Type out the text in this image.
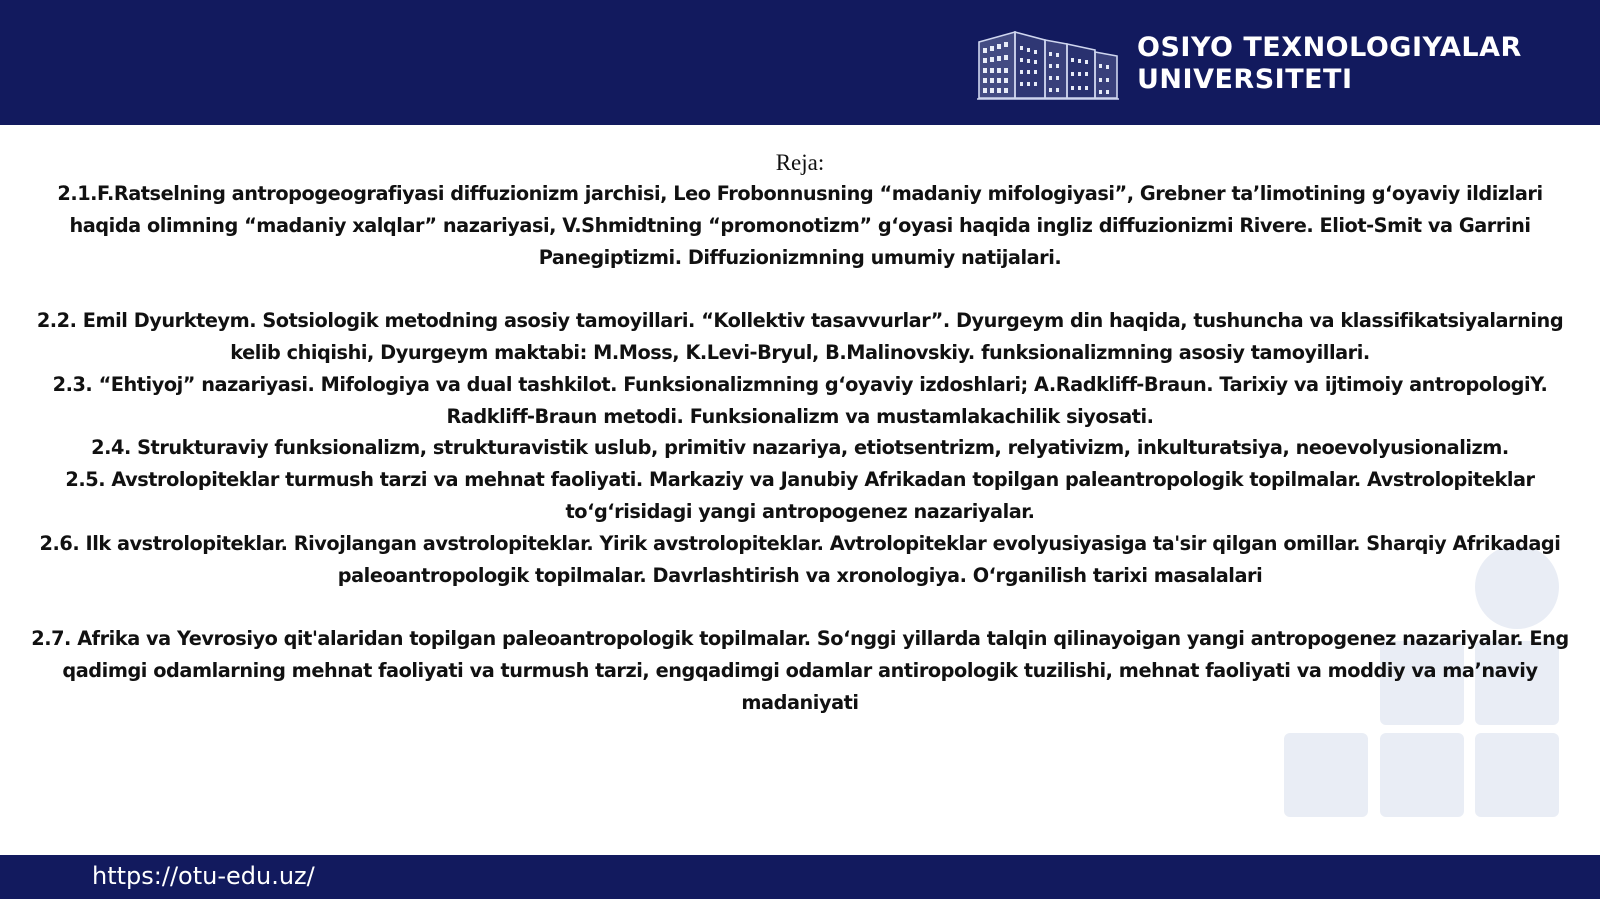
OSIYO TEXNOLOGIYALAR
UNIVERSITETI

Reja:

2.1.F.Ratselning antropogeografiyasi diffuzionizm jarchisi, Leo Frobonnusning “madaniy mifologiyasi”, Grebner ta’limotining g‘oyaviy ildizlari haqida olimning “madaniy xalqlar” nazariyasi, V.Shmidtning “promonotizm” g‘oyasi haqida ingliz diffuzionizmi Rivere. Eliot-Smit va Garrini Panegiptizmi. Diffuzionizmning umumiy natijalari.

2.2. Emil Dyurkteym. Sotsiologik metodning asosiy tamoyillari. “Kollektiv tasavvurlar”. Dyurgeym din haqida, tushuncha va klassifikatsiyalarning kelib chiqishi, Dyurgeym maktabi: M.Moss, K.Levi-Bryul, B.Malinovskiy. funksionalizmning asosiy tamoyillari.

2.3. “Ehtiyoj” nazariyasi. Mifologiya va dual tashkilot. Funksionalizmning g‘oyaviy izdoshlari; A.Radkliff-Braun. Tarixiy va ijtimoiy antropologiY. Radkliff-Braun metodi. Funksionalizm va mustamlakachilik siyosati.

2.4. Strukturaviy funksionalizm, strukturavistik uslub, primitiv nazariya, etiotsentrizm, relyativizm, inkulturatsiya, neoevolyusionalizm.

2.5. Avstrolopiteklar turmush tarzi va mehnat faoliyati. Markaziy va Janubiy Afrikadan topilgan paleantropologik topilmalar. Avstrolopiteklar to‘g‘risidagi yangi antropogenez nazariyalar.

2.6. Ilk avstrolopiteklar. Rivojlangan avstrolopiteklar. Yirik avstrolopiteklar. Avtrolopiteklar evolyusiyasiga ta'sir qilgan omillar. Sharqiy Afrikadagi paleoantropologik topilmalar. Davrlashtirish va xronologiya. O‘rganilish tarixi masalalari

2.7. Afrika va Yevrosiyo qit'alaridan topilgan paleoantropologik topilmalar. So‘nggi yillarda talqin qilinayoigan yangi antropogenez nazariyalar. Eng qadimgi odamlarning mehnat faoliyati va turmush tarzi, engqadimgi odamlar antiropologik tuzilishi, mehnat faoliyati va moddiy va ma’naviy madaniyati

https://otu-edu.uz/
